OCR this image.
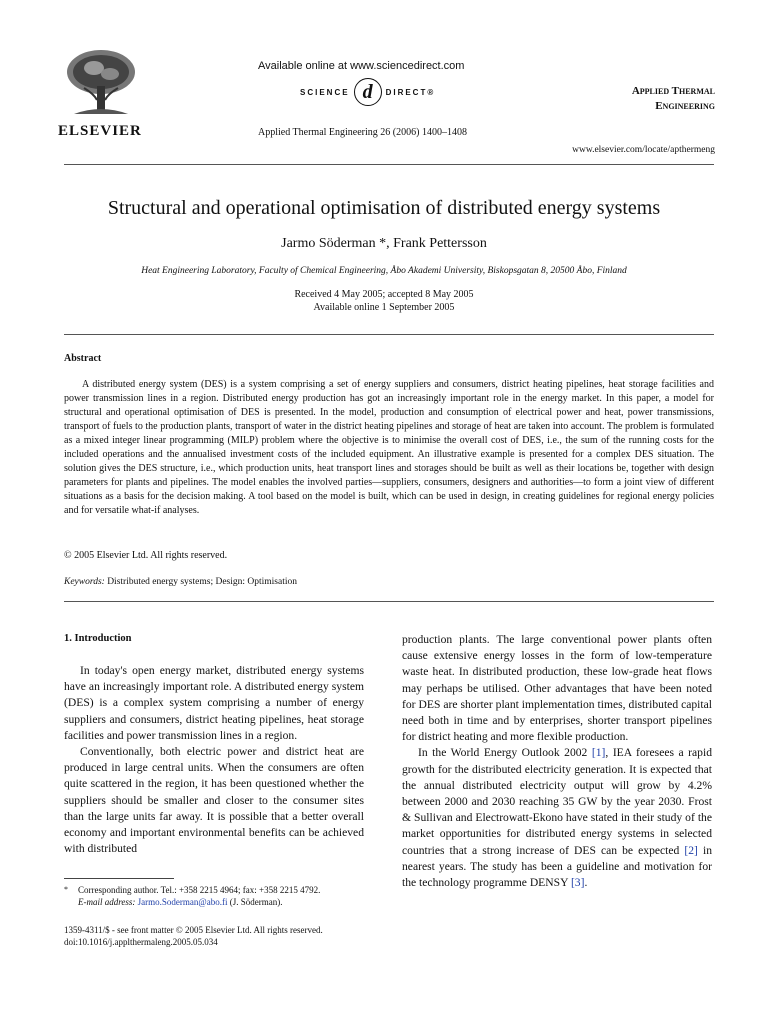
ELSEVIER
Available online at www.sciencedirect.com
SCIENCE d DIRECT®
Applied Thermal Engineering 26 (2006) 1400–1408
Applied Thermal
Engineering
www.elsevier.com/locate/apthermeng
Structural and operational optimisation of distributed energy systems
Jarmo Söderman *, Frank Pettersson
Heat Engineering Laboratory, Faculty of Chemical Engineering, Åbo Akademi University, Biskopsgatan 8, 20500 Åbo, Finland
Received 4 May 2005; accepted 8 May 2005
Available online 1 September 2005
Abstract

A distributed energy system (DES) is a system comprising a set of energy suppliers and consumers, district heating pipelines, heat storage facilities and power transmission lines in a region. Distributed energy production has got an increasingly important role in the energy market. In this paper, a model for structural and operational optimisation of DES is presented. In the model, production and consumption of electrical power and heat, power transmissions, transport of fuels to the production plants, transport of water in the district heating pipelines and storage of heat are taken into account. The problem is formulated as a mixed integer linear programming (MILP) problem where the objective is to minimise the overall cost of DES, i.e., the sum of the running costs for the included operations and the annualised investment costs of the included equipment. An illustrative example is presented for a complex DES situation. The solution gives the DES structure, i.e., which production units, heat transport lines and storages should be built as well as their locations be, together with design parameters for plants and pipelines. The model enables the involved parties—suppliers, consumers, designers and authorities—to form a joint view of different situations as a basis for the decision making. A tool based on the model is built, which can be used in design, in creating guidelines for regional energy policies and for versatile what-if analyses.

© 2005 Elsevier Ltd. All rights reserved.
Keywords: Distributed energy systems; Design: Optimisation
1. Introduction

In today's open energy market, distributed energy systems have an increasingly important role. A distributed energy system (DES) is a complex system comprising a number of energy suppliers and consumers, district heating pipelines, heat storage facilities and power transmission lines in a region.

Conventionally, both electric power and district heat are produced in large central units. When the consumers are often quite scattered in the region, it has been questioned whether the suppliers should be smaller and closer to the consumer sites than the large units far away. It is possible that a better overall economy and important environmental benefits can be achieved with distributed

production plants. The large conventional power plants often cause extensive energy losses in the form of low-temperature waste heat. In distributed production, these low-grade heat flows may perhaps be utilised. Other advantages that have been noted for DES are shorter plant implementation times, distributed capital need both in time and by enterprises, shorter transport pipelines for district heating and more flexible production.

In the World Energy Outlook 2002 [1], IEA foresees a rapid growth for the distributed electricity generation. It is expected that the annual distributed electricity output will grow by 4.2% between 2000 and 2030 reaching 35 GW by the year 2030. Frost & Sullivan and Electrowatt-Ekono have stated in their study of the market opportunities for distributed energy systems in selected countries that a strong increase of DES can be expected [2] in nearest years. The study has been a guideline and motivation for the technology programme DENSY [3].

* Corresponding author. Tel.: +358 2215 4964; fax: +358 2215 4792.
E-mail address: Jarmo.Soderman@abo.fi (J. Söderman).
1359-4311/$ - see front matter © 2005 Elsevier Ltd. All rights reserved.
doi:10.1016/j.applthermaleng.2005.05.034
